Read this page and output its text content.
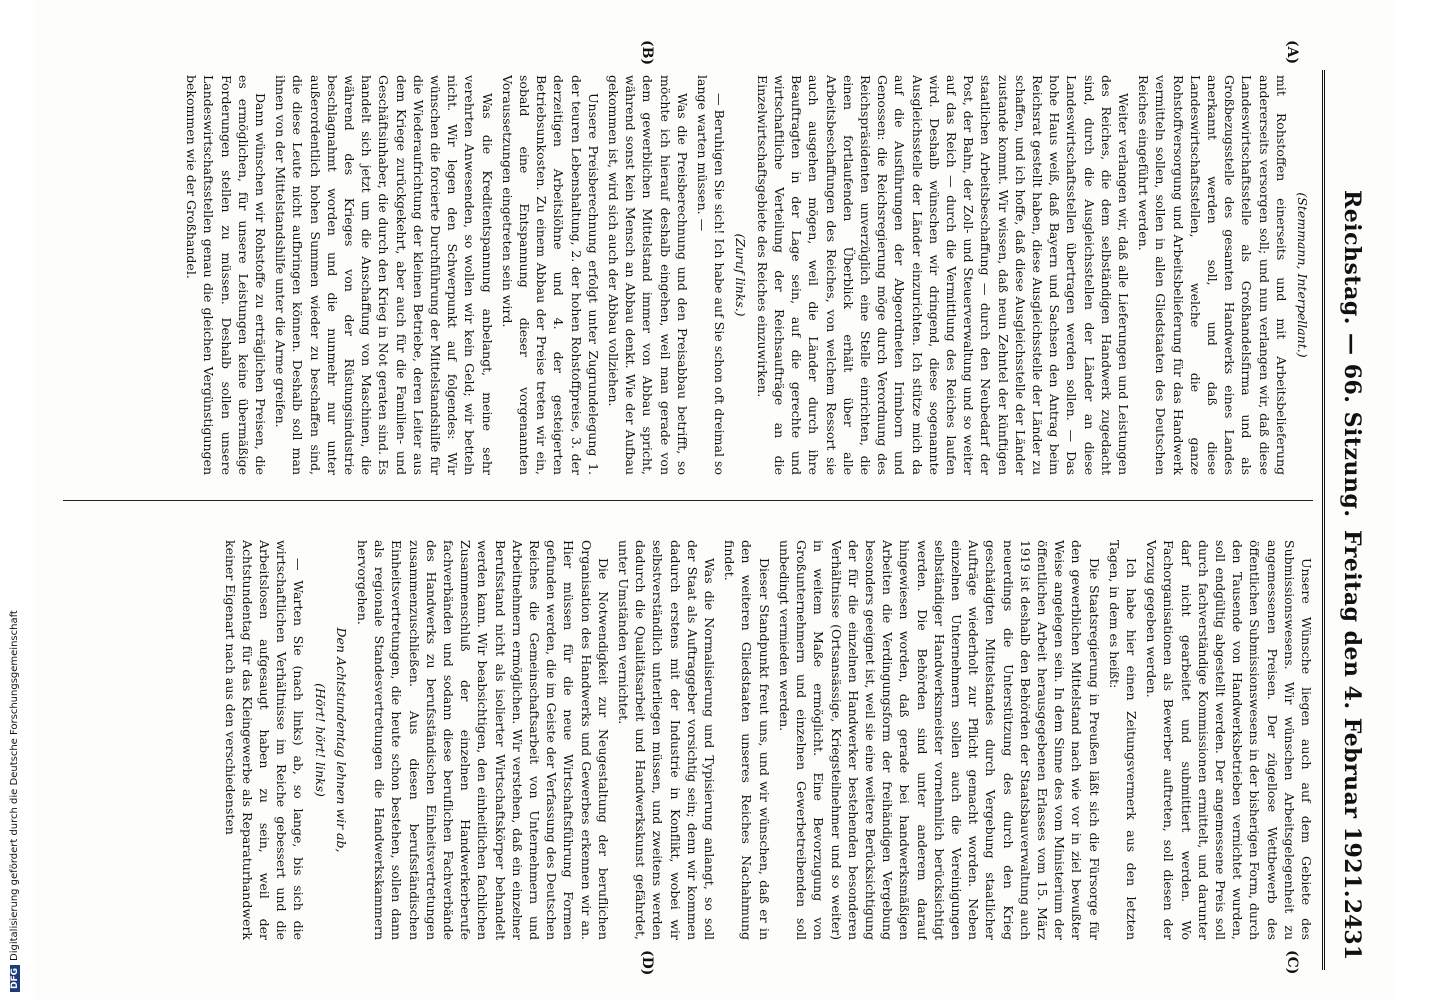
Reichstag. — 66. Sitzung.
Freitag den 4. Februar 1921.
2431
(A)
(B)
(C)
(D)

(Stemmann, Interpellant.)

mit Rohstoffen einerseits und mit Arbeitsbelieferung andererseits versorgen soll; und nun verlangen wir, daß diese Landeswirtschaftsstelle als Großhandelsfirma und als Großbezugsstelle des gesamten Handwerks eines Landes anerkannt werden soll, und daß diese Landeswirtschaftsstellen, welche die ganze Rohstoffversorgung und Arbeitsbelieferung für das Handwerk vermitteln sollen, sollen in allen Gliedstaaten des Deutschen Reiches eingeführt werden.

Weiter verlangen wir, daß alle Lieferungen und Leistungen des Reiches, die dem selbständigen Handwerk zugedacht sind, durch die Ausgleichsstellen der Länder an diese Landeswirtschaftsstellen übertragen werden sollen. — Das hohe Haus weiß, daß Bayern und Sachsen den Antrag beim Reichsrat gestellt haben, diese Ausgleichsstelle der Länder zu schaffen, und ich hoffe, daß diese Ausgleichsstelle der Länder zustande kommt. Wir wissen, daß neun Zehntel der künftigen staatlichen Arbeitsbeschaffung — durch den Neubedarf der Post, der Bahn, der Zoll- und Steuerverwaltung und so weiter auf das Reich — durch die Vermittlung des Reiches laufen wird. Deshalb wünschen wir dringend, diese sogenannte Ausgleichsstelle der Länder einzurichten. Ich stütze mich da auf die Ausführungen der Abgeordneten Irimborn und Genossen: die Reichsregierung möge durch Verordnung des Reichspräsidenten unverzüglich eine Stelle einrichten, die einen fortlaufenden Überblick erhält über alle Arbeitsbeschaffungen des Reiches, von welchem Ressort sie auch ausgehen mögen, weil die Länder durch ihre Beauftragten in der Lage sein, auf die gerechte und wirtschaftliche Verteilung der Reichsaufträge an die Einzelwirtschaftsgebiete des Reiches einzuwirken.

(Zuruf links.)

— Beruhigen Sie sich! Ich habe auf Sie schon oft dreimal so lange warten müssen. —

Was die Preisberechnung und den Preisabbau betrifft, so möchte ich hierauf deshalb eingehen, weil man gerade von dem gewerblichen Mittelstand immer von Abbau spricht, während sonst kein Mensch an Abbau denkt. Wie der Aufbau gekommen ist, wird sich auch der Abbau vollziehen.

Unsere Preisberechnung erfolgt unter Zugrundelegung 1. der teuren Lebenshaltung, 2. der hohen Rohstoffpreise, 3. der derzeitigen Arbeitslöhne und 4. der gesteigerten Betriebsunkosten. Zu einem Abbau der Preise treten wir ein, sobald eine Entspannung dieser vorgenannten Voraussetzungen eingetreten sein wird.

Was die Kreditentspannung anbelangt, meine sehr verehrten Anwesenden, so wollen wir kein Geld; wir betteln nicht. Wir legen den Schwerpunkt auf folgendes: Wir wünschen die forcierte Durchführung der Mittelstandshilfe für die Wiederaufrichtung der kleinen Betriebe, deren Leiter aus dem Kriege zurückgekehrt, aber auch für die Familien- und Geschäftsinhaber, die durch den Krieg in Not geraten sind. Es handelt sich jetzt um die Anschaffung von Maschinen, die während des Krieges von der Rüstungsindustrie beschlagnahmt worden und die nunmehr nur unter außerordentlich hohen Summen wieder zu beschaffen sind, die diese Leute nicht aufbringen können. Deshalb soll man ihnen von der Mittelstandshilfe unter die Arme greifen.

Dann wünschen wir Rohstoffe zu erträglichen Preisen, die es ermöglichen, für unsere Leistungen keine übermäßige Forderungen stellen zu müssen. Deshalb sollen unsere Landeswirtschaftsstellen genau die gleichen Vergünstigungen bekommen wie der Großhandel.

Unsere Wünsche liegen auch auf dem Gebiete des Submissionswesens. Wir wünschen Arbeitsgelegenheit zu angemessenen Preisen. Der zügellose Wettbewerb des öffentlichen Submissionswesens in der bisherigen Form, durch den Tausende von Handwerksbetrieben vernichtet wurden, soll endgültig abgestellt werden. Der angemessene Preis soll durch fachverständige Kommissionen ermittelt, und darunter darf nicht gearbeitet und submittiert werden. Wo Fachorganisationen als Bewerber auftreten, soll diesen der Vorzug gegeben werden.

Ich habe hier einen Zeitungsvermerk aus den letzten Tagen, in dem es heißt:

Die Staatsregierung in Preußen läßt sich die Fürsorge für den gewerblichen Mittelstand nach wie vor in ziel bewußter Weise angelegen sein. In dem Sinne des vom Ministerium der öffentlichen Arbeit herausgegebenen Erlasses vom 15. März 1919 ist deshalb den Behörden der Staatsbauverwaltung auch neuerdings die Unterstützung des durch den Krieg geschädigten Mittelstandes durch Vergebung staatlicher Aufträge wiederholt zur Pflicht gemacht worden. Neben einzelnen Unternehmern sollen auch die Vereinigungen selbständiger Handwerksmeister vornehmlich berücksichtigt werden. Die Behörden sind unter anderem darauf hingewiesen worden, daß gerade bei handwerksmäßigen Arbeiten die Verdingungsform der freihändigen Vergebung besonders geeignet ist, weil sie eine weitere Berücksichtigung der für die einzelnen Handwerker bestehenden besonderen Verhältnisse (Ortsansässige, Kriegsteilnehmer und so weiter) in weitem Maße ermöglicht. Eine Bevorzugung von Großunternehmern und einzelnen Gewerbetreibenden soll unbedingt vermieden werden.

Dieser Standpunkt freut uns, und wir wünschen, daß er in den weiteren Gliedstaaten unseres Reiches Nachahmung findet.

Was die Normalisierung und Typisierung anlangt, so soll der Staat als Auftraggeber vorsichtig sein; denn wir kommen dadurch erstens mit der Industrie in Konflikt, wobei wir selbstverständlich unterliegen müssen, und zweitens werden dadurch die Qualitätsarbeit und Handwerkskunst gefährdet, unter Umständen vernichtet.

Die Notwendigkeit zur Neugestaltung der beruflichen Organisation des Handwerks und Gewerbes erkennen wir an. Hier müssen für die neue Wirtschaftsführung Formen gefunden werden, die im Geiste der Verfassung des Deutschen Reiches die Gemeinschaftsarbeit von Unternehmern und Arbeitnehmern ermöglichen. Wir verstehen, daß ein einzelner Berufsstand nicht als isolierter Wirtschaftskörper behandelt werden kann. Wir beabsichtigen, den einheitlichen fachlichen Zusammenschluß der einzelnen Handwerkerberufe fachverbänden und sodann diese beruflichen Fachverbände des Handwerks zu berufsständischen Einheitsvertretungen zusammenzuschließen. Aus diesen berufsständischen Einheitsvertretungen, die heute schon bestehen, sollen dann als regionale Standesvertretungen die Handwerkskammern hervorgehen.

Den Achtstundentag lehnen wir ab,

(Hört! hört! links)

— Warten Sie (nach links) ab, so lange, bis sich die wirtschaftlichen Verhältnisse im Reiche gebessert und die Arbeitslosen aufgesaugt haben zu sein, weil der Achtstundentag für das Kleingewerbe als Reparaturhandwerk keiner Eigenart nach aus den verschiedensten

DFGDigitalisierung gefördert durch die Deutsche Forschungsgemeinschaft
